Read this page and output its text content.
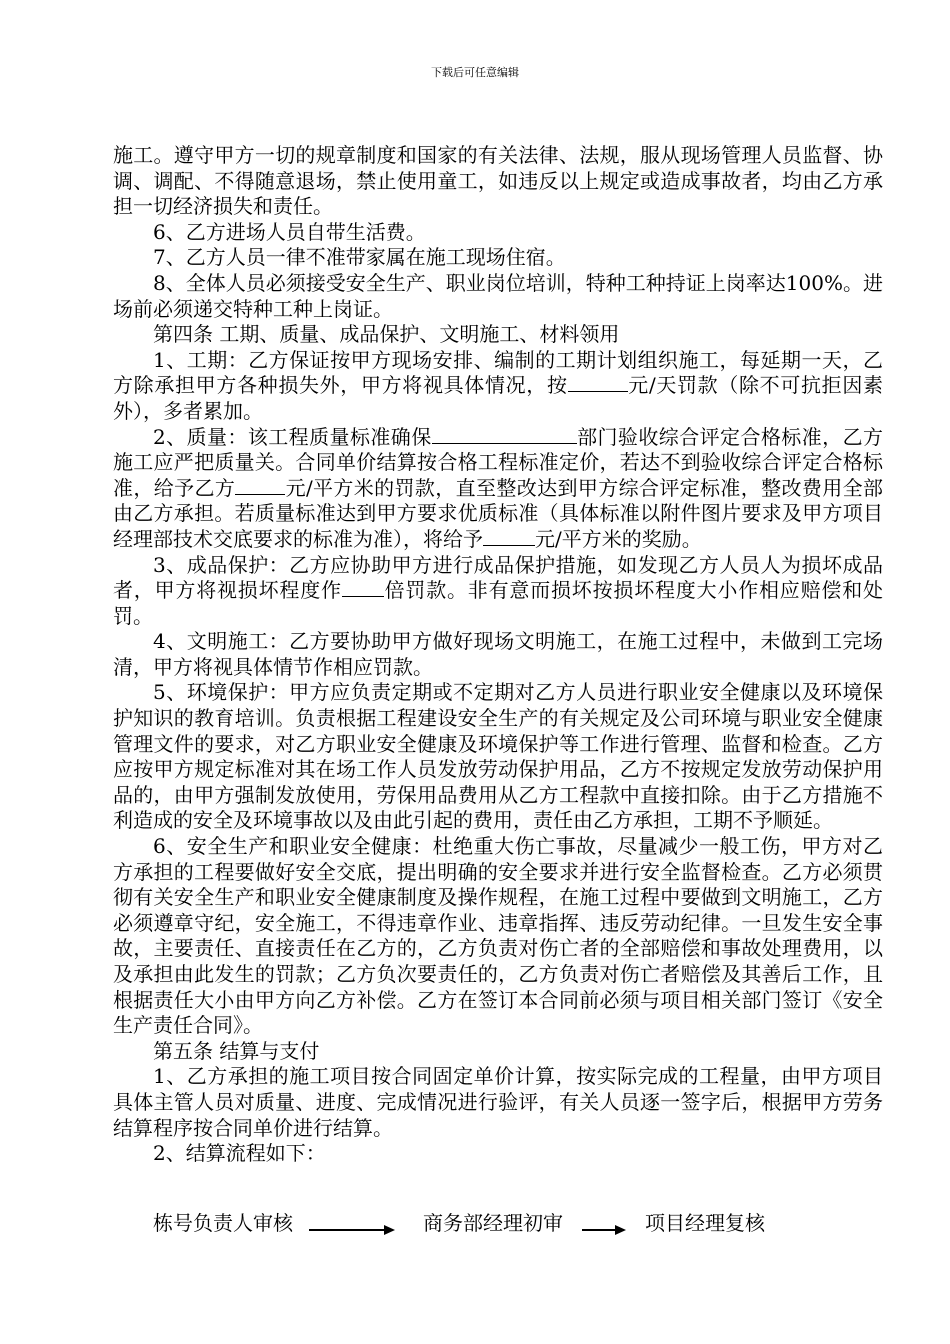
下载后可任意编辑

施工。遵守甲方一切的规章制度和国家的有关法律、法规，服从现场管理人员监督、协调、调配、不得随意退场，禁止使用童工，如违反以上规定或造成事故者，均由乙方承担一切经济损失和责任。

6、乙方进场人员自带生活费。

7、乙方人员一律不准带家属在施工现场住宿。

8、全体人员必须接受安全生产、职业岗位培训，特种工种持证上岗率达100%。进场前必须递交特种工种上岗证。

第四条 工期、质量、成品保护、文明施工、材料领用

1、工期：乙方保证按甲方现场安排、编制的工期计划组织施工，每延期一天，乙方除承担甲方各种损失外，甲方将视具体情况，按	元/天罚款（除不可抗拒因素外），多者累加。

2、质量：该工程质量标准确保	部门验收综合评定合格标准，乙方施工应严把质量关。合同单价结算按合格工程标准定价，若达不到验收综合评定合格标准，给予乙方	元/平方米的罚款，直至整改达到甲方综合评定标准，整改费用全部由乙方承担。若质量标准达到甲方要求优质标准（具体标准以附件图片要求及甲方项目经理部技术交底要求的标准为准），将给予	元/平方米的奖励。

3、成品保护：乙方应协助甲方进行成品保护措施，如发现乙方人员人为损坏成品者，甲方将视损坏程度作 倍罚款。非有意而损坏按损坏程度大小作相应赔偿和处罚。

4、文明施工：乙方要协助甲方做好现场文明施工，在施工过程中，未做到工完场清，甲方将视具体情节作相应罚款。

5、环境保护：甲方应负责定期或不定期对乙方人员进行职业安全健康以及环境保护知识的教育培训。负责根据工程建设安全生产的有关规定及公司环境与职业安全健康管理文件的要求，对乙方职业安全健康及环境保护等工作进行管理、监督和检查。乙方应按甲方规定标准对其在场工作人员发放劳动保护用品，乙方不按规定发放劳动保护用品的，由甲方强制发放使用，劳保用品费用从乙方工程款中直接扣除。由于乙方措施不利造成的安全及环境事故以及由此引起的费用，责任由乙方承担，工期不予顺延。

6、安全生产和职业安全健康：杜绝重大伤亡事故，尽量减少一般工伤，甲方对乙方承担的工程要做好安全交底，提出明确的安全要求并进行安全监督检查。乙方必须贯彻有关安全生产和职业安全健康制度及操作规程，在施工过程中要做到文明施工，乙方必须遵章守纪，安全施工，不得违章作业、违章指挥、违反劳动纪律。一旦发生安全事故，主要责任、直接责任在乙方的，乙方负责对伤亡者的全部赔偿和事故处理费用，以及承担由此发生的罚款；乙方负次要责任的，乙方负责对伤亡者赔偿及其善后工作，且根据责任大小由甲方向乙方补偿。乙方在签订本合同前必须与项目相关部门签订《安全生产责任合同》。

第五条 结算与支付

1、乙方承担的施工项目按合同固定单价计算，按实际完成的工程量，由甲方项目具体主管人员对质量、进度、完成情况进行验评，有关人员逐一签字后，根据甲方劳务结算程序按合同单价进行结算。

2、结算流程如下：

栋号负责人审核	商务部经理初审	项目经理复核
